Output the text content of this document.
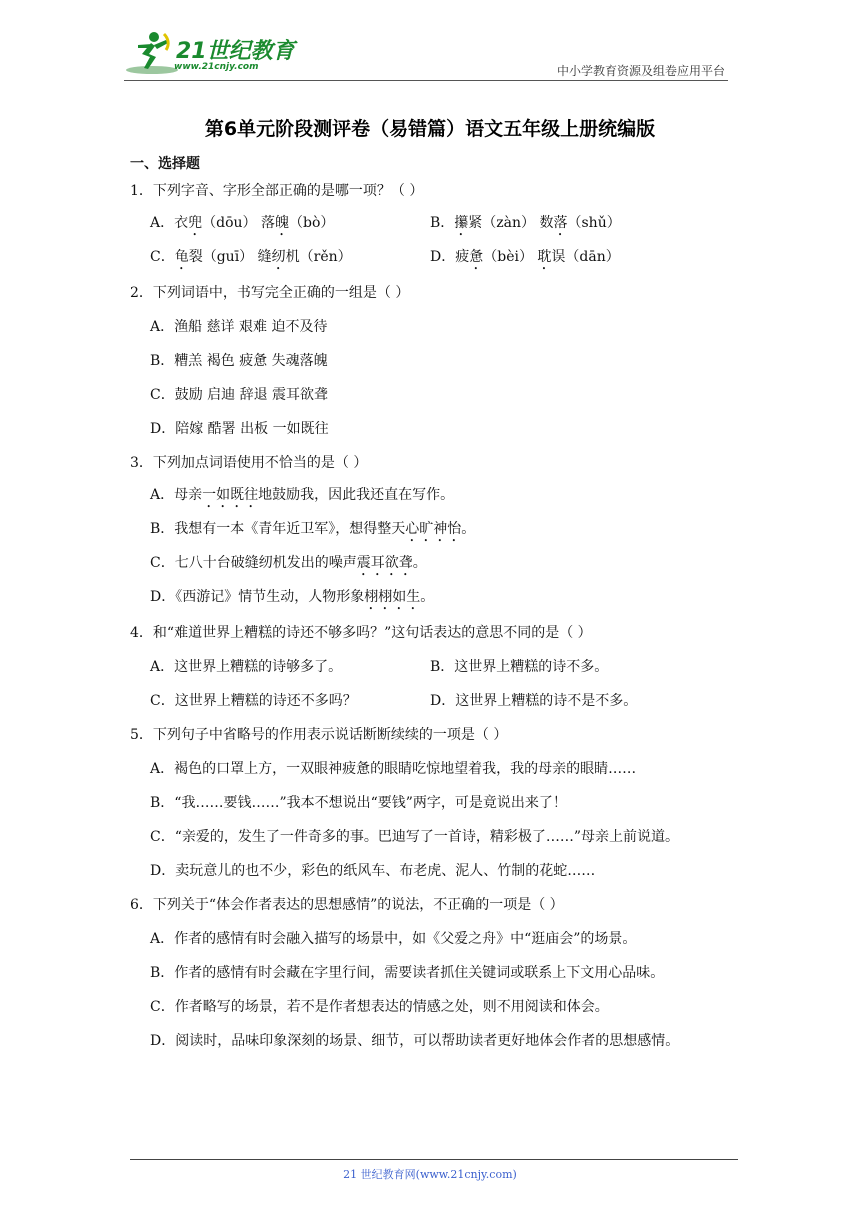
21世纪教育
www.21cnjy.com	中小学教育资源及组卷应用平台
第6单元阶段测评卷（易错篇）语文五年级上册统编版
一、选择题
1．下列字音、字形全部正确的是哪一项？（ ）
A．衣兜（dōu） 落魄（bò）	B．攥紧（zàn） 数落（shǔ）
C．龟裂（guī） 缝纫机（rěn）	D．疲惫（bèi） 耽误（dān）
2．下列词语中，书写完全正确的一组是（ ）
A．渔船 慈详 艰难 迫不及待
B．糟羔 褐色 疲惫 失魂落魄
C．鼓励 启迪 辞退 震耳欲聋
D．陪嫁 酷署 出板 一如既往
3．下列加点词语使用不恰当的是（ ）
A．母亲一如既往地鼓励我，因此我还直在写作。
B．我想有一本《青年近卫军》，想得整天心旷神怡。
C．七八十台破缝纫机发出的噪声震耳欲聋。
D．《西游记》情节生动，人物形象栩栩如生。
4．和“难道世界上糟糕的诗还不够多吗？”这句话表达的意思不同的是（ ）
A．这世界上糟糕的诗够多了。	B．这世界上糟糕的诗不多。
C．这世界上糟糕的诗还不多吗？	D．这世界上糟糕的诗不是不多。
5．下列句子中省略号的作用表示说话断断续续的一项是（ ）
A．褐色的口罩上方，一双眼神疲惫的眼睛吃惊地望着我，我的母亲的眼睛……
B．“我……要钱……”我本不想说出“要钱”两字，可是竟说出来了！
C．“亲爱的，发生了一件奇多的事。巴迪写了一首诗，精彩极了……”母亲上前说道。
D．卖玩意儿的也不少，彩色的纸风车、布老虎、泥人、竹制的花蛇……
6．下列关于“体会作者表达的思想感情”的说法，不正确的一项是（ ）
A．作者的感情有时会融入描写的场景中，如《父爱之舟》中“逛庙会”的场景。
B．作者的感情有时会藏在字里行间，需要读者抓住关键词或联系上下文用心品味。
C．作者略写的场景，若不是作者想表达的情感之处，则不用阅读和体会。
D．阅读时，品味印象深刻的场景、细节，可以帮助读者更好地体会作者的思想感情。
21 世纪教育网(www.21cnjy.com)
